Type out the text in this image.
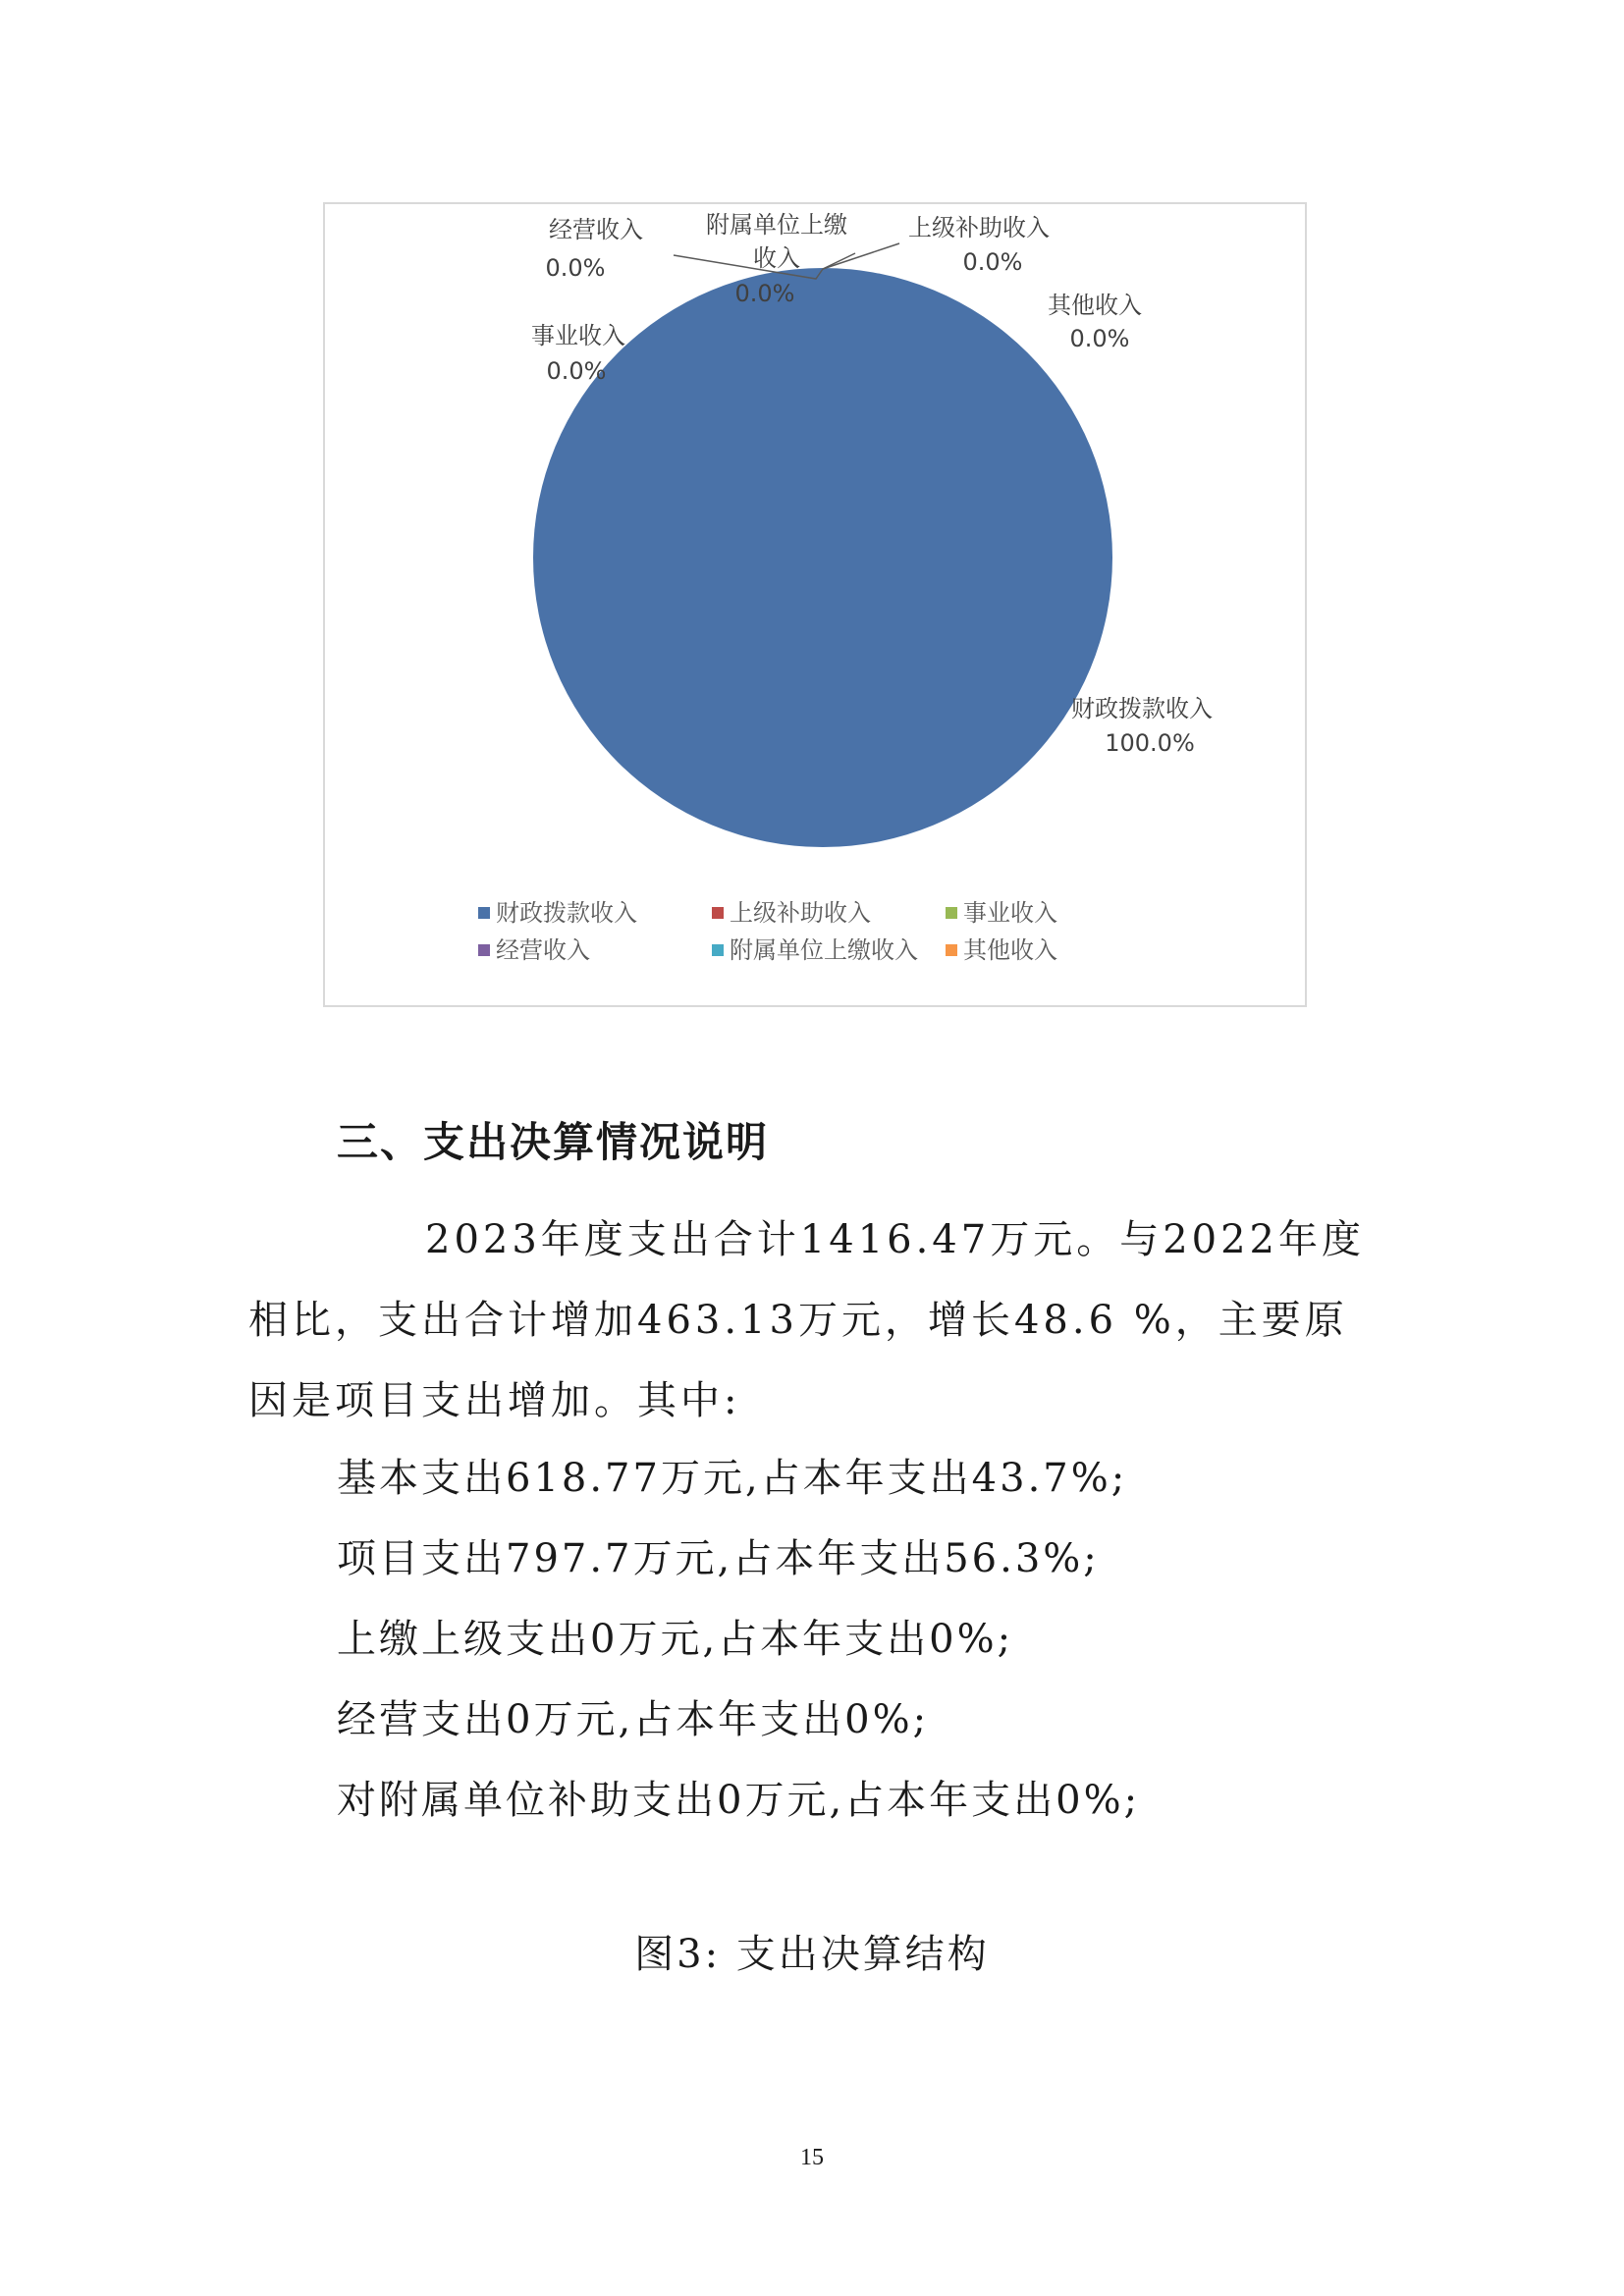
财政拨款收入
100.0%
上级补助收入
0.0%
事业收入
0.0%
经营收入
0.0%
附属单位上缴
收入
0.0%	其他收入
0.0%
财政拨款收入	上级补助收入	事业收入
经营收入	附属单位上缴收入 其他收入
三、支出决算情况说明

2023年度支出合计1416.47万元。与2022年度相比，支出合计增加463.13万元，增长48.6 %，主要原因是项目支出增加。其中:

基本支出618.77万元,占本年支出43.7%;

项目支出797.7万元,占本年支出56.3%;

上缴上级支出0万元,占本年支出0%;

经营支出0万元,占本年支出0%;

对附属单位补助支出0万元,占本年支出0%;

图3: 支出决算结构

15
